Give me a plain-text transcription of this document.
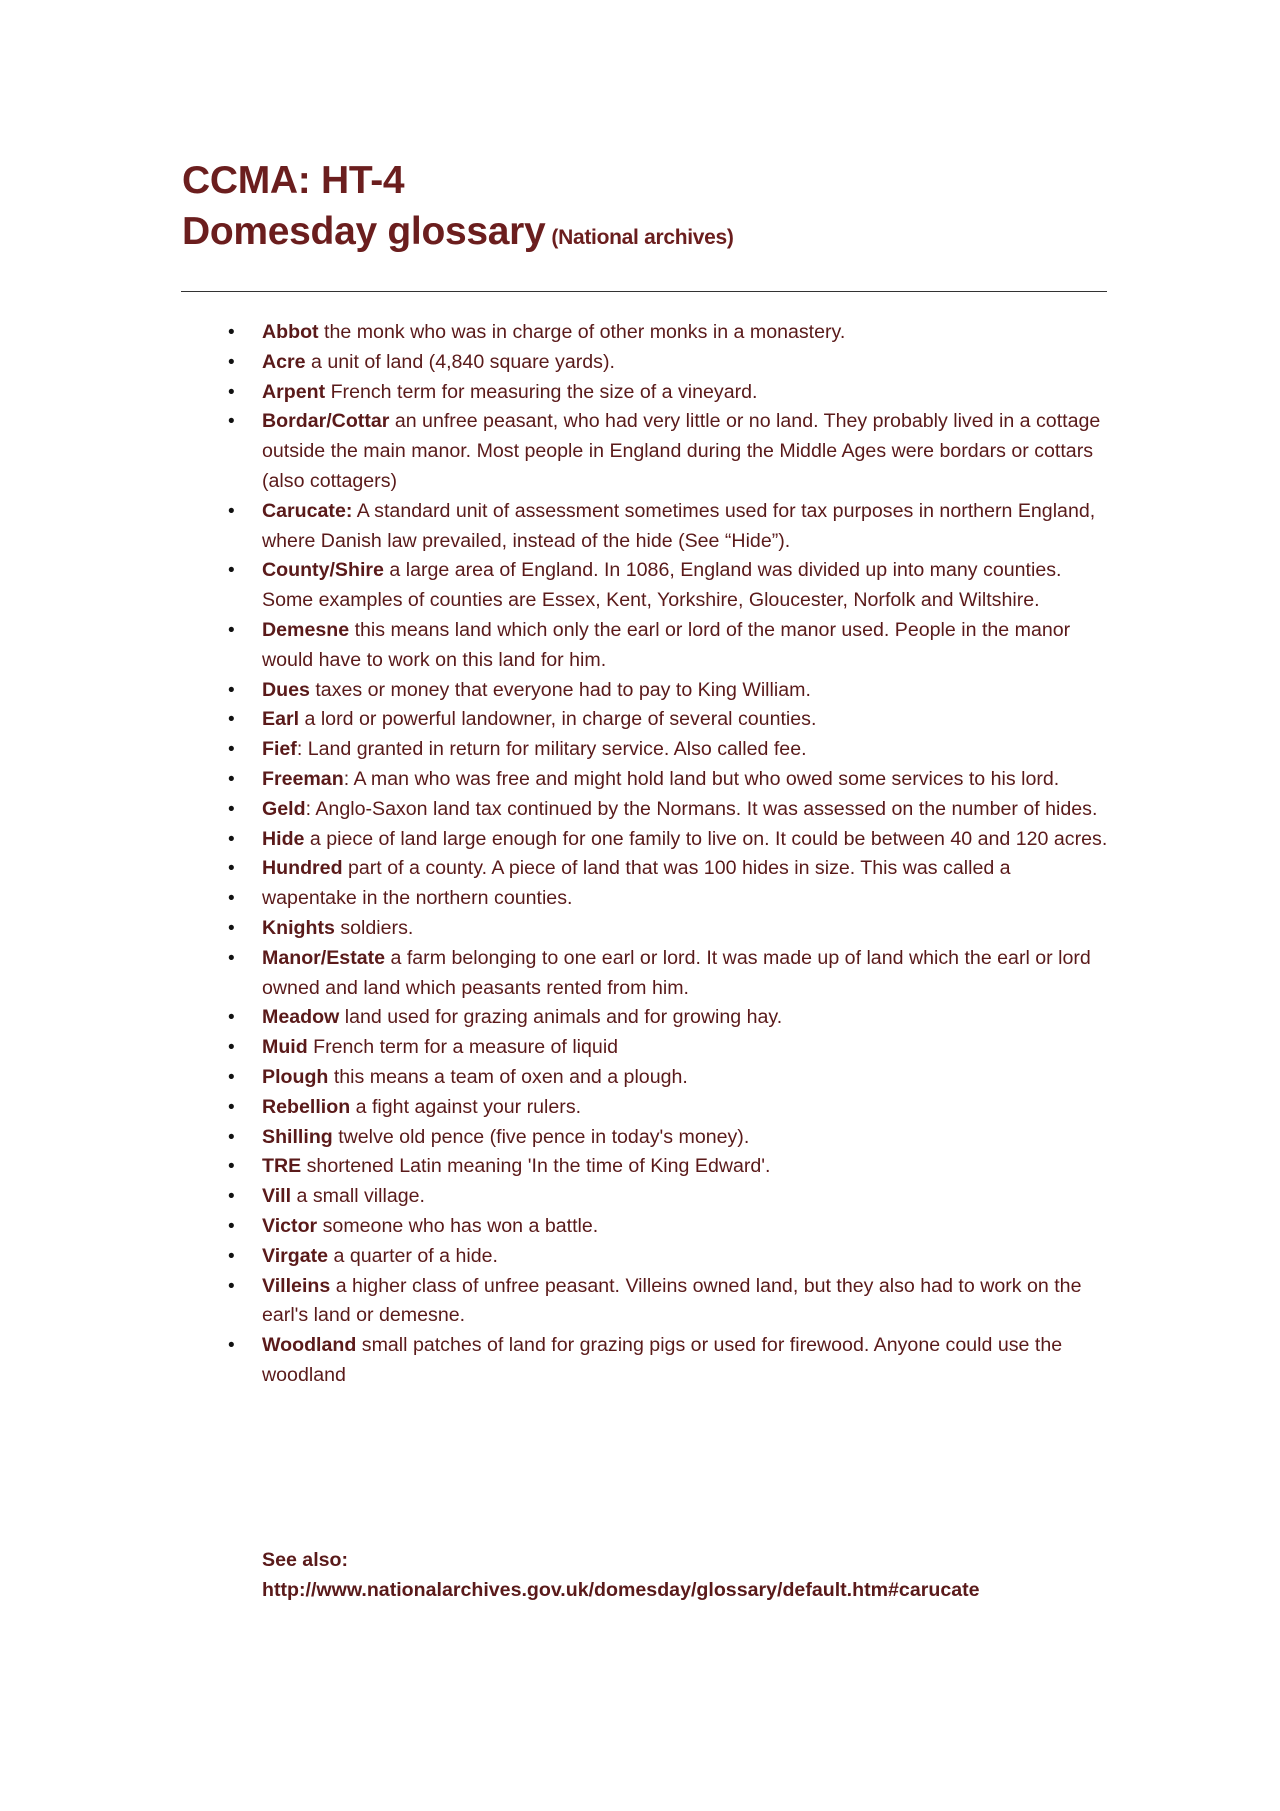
CCMA: HT-4
Domesday glossary (National archives)
• Abbot the monk who was in charge of other monks in a monastery.
• Acre a unit of land (4,840 square yards).
• Arpent French term for measuring the size of a vineyard.
• Bordar/Cottar an unfree peasant, who had very little or no land. They probably lived in a cottage outside the main manor. Most people in England during the Middle Ages were bordars or cottars (also cottagers)
• Carucate: A standard unit of assessment sometimes used for tax purposes in northern England, where Danish law prevailed, instead of the hide (See “Hide”).
• County/Shire a large area of England. In 1086, England was divided up into many counties. Some examples of counties are Essex, Kent, Yorkshire, Gloucester, Norfolk and Wiltshire.
• Demesne this means land which only the earl or lord of the manor used. People in the manor would have to work on this land for him.
• Dues taxes or money that everyone had to pay to King William.
• Earl a lord or powerful landowner, in charge of several counties.
• Fief: Land granted in return for military service. Also called fee.
• Freeman: A man who was free and might hold land but who owed some services to his lord.
• Geld: Anglo-Saxon land tax continued by the Normans. It was assessed on the number of hides.
• Hide a piece of land large enough for one family to live on. It could be between 40 and 120 acres.
• Hundred part of a county. A piece of land that was 100 hides in size. This was called a
• wapentake in the northern counties.
• Knights soldiers.
• Manor/Estate a farm belonging to one earl or lord. It was made up of land which the earl or lord owned and land which peasants rented from him.
• Meadow land used for grazing animals and for growing hay.
• Muid French term for a measure of liquid
• Plough this means a team of oxen and a plough.
• Rebellion a fight against your rulers.
• Shilling twelve old pence (five pence in today's money).
• TRE shortened Latin meaning 'In the time of King Edward'.
• Vill a small village.
• Victor someone who has won a battle.
• Virgate a quarter of a hide.
• Villeins a higher class of unfree peasant. Villeins owned land, but they also had to work on the earl's land or demesne.
• Woodland small patches of land for grazing pigs or used for firewood. Anyone could use the woodland
See also:
http://www.nationalarchives.gov.uk/domesday/glossary/default.htm#carucate
